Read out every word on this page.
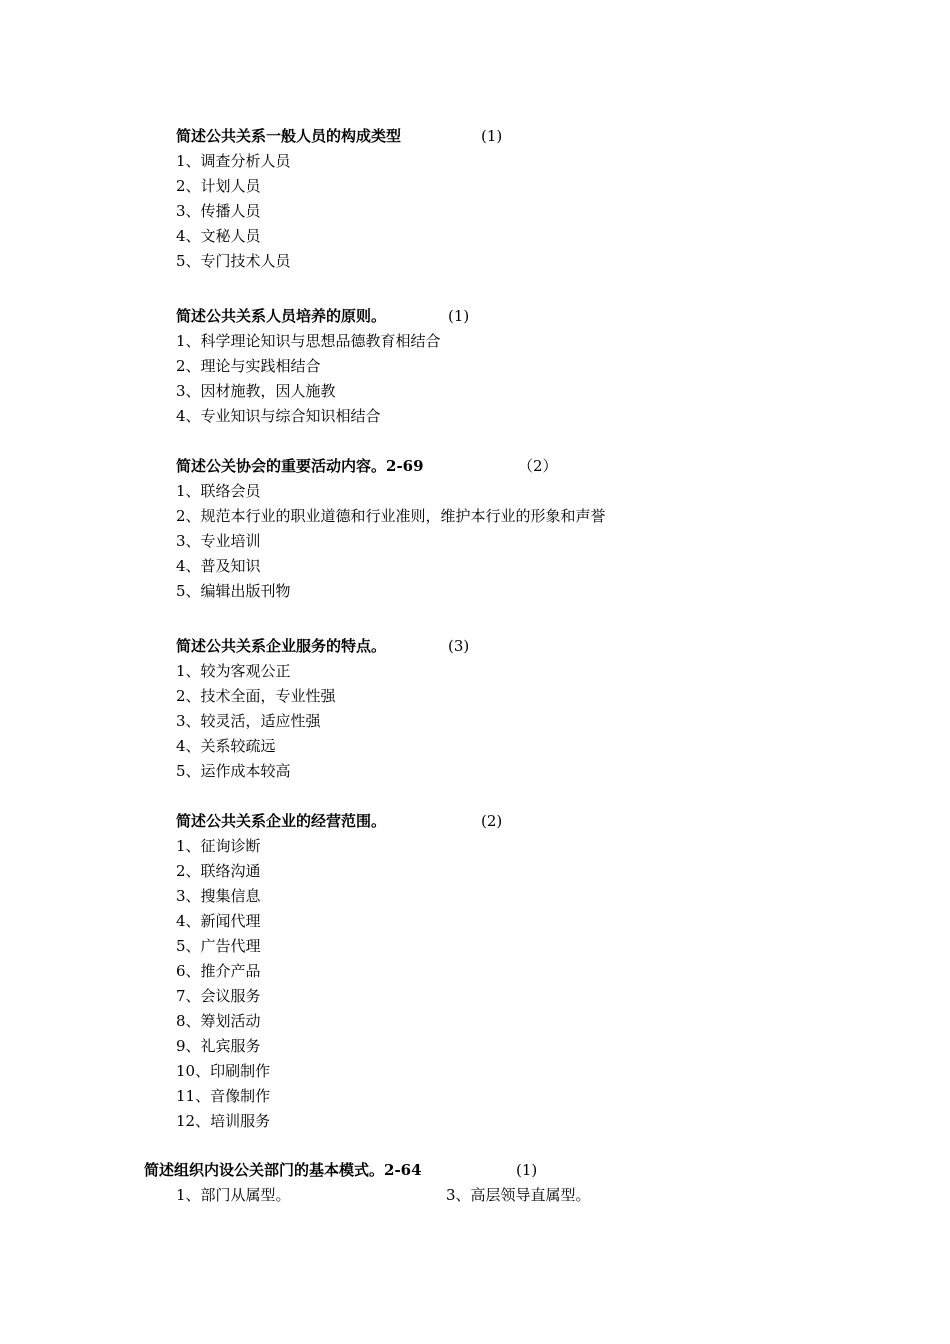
简述公共关系一般人员的构成类型	(1)
1、调查分析人员
2、计划人员
3、传播人员
4、文秘人员
5、专门技术人员
简述公共关系人员培养的原则。	(1)
1、科学理论知识与思想品德教育相结合
2、理论与实践相结合
3、因材施教，因人施教
4、专业知识与综合知识相结合
简述公关协会的重要活动内容。2-69	（2）
1、联络会员
2、规范本行业的职业道德和行业准则，维护本行业的形象和声誉
3、专业培训
4、普及知识
5、编辑出版刊物
简述公共关系企业服务的特点。	(3)
1、较为客观公正
2、技术全面，专业性强
3、较灵活，适应性强
4、关系较疏远
5、运作成本较高
简述公共关系企业的经营范围。	(2)
1、征询诊断
2、联络沟通
3、搜集信息
4、新闻代理
5、广告代理
6、推介产品
7、会议服务
8、筹划活动
9、礼宾服务
10、印刷制作
11、音像制作
12、培训服务
简述组织内设公关部门的基本模式。2-64	(1)
1、部门从属型。	3、高层领导直属型。
